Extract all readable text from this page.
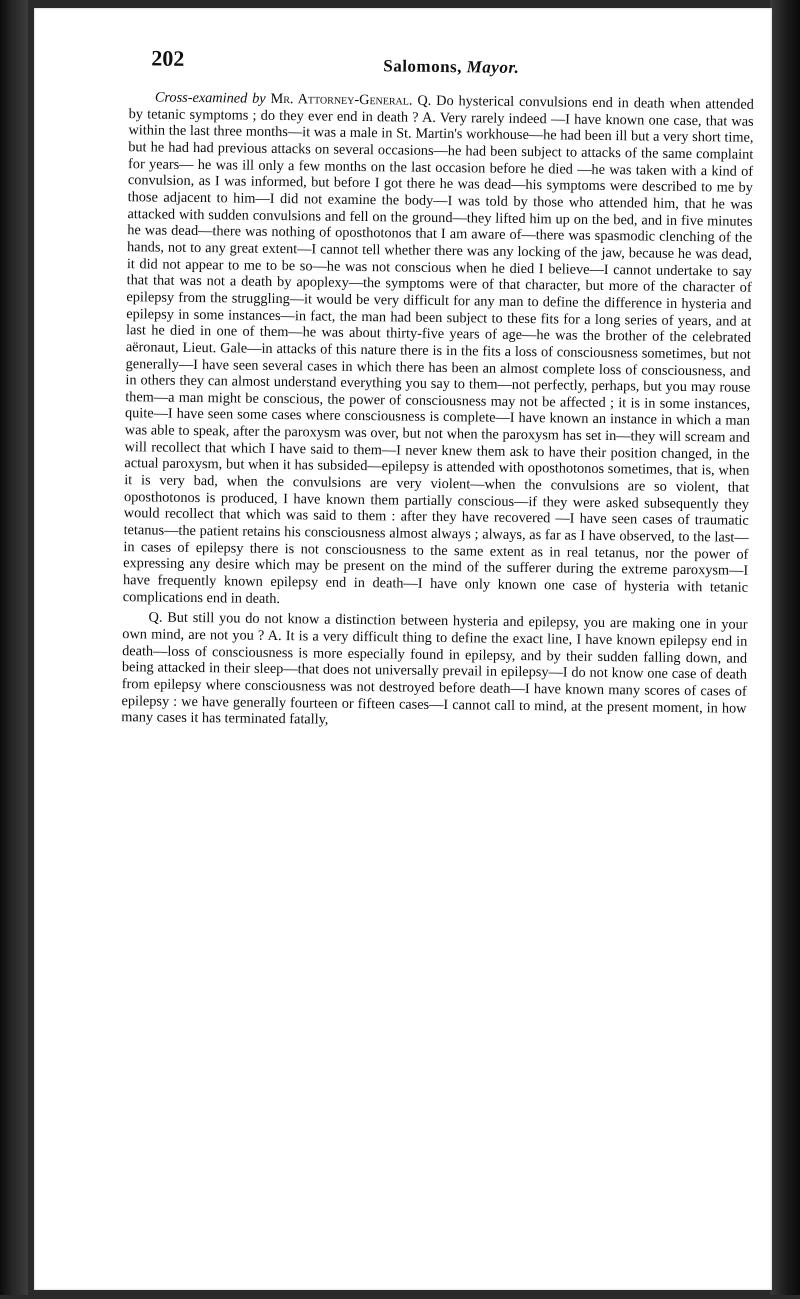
202	Salomons, Mayor.

Cross-examined by Mr. Attorney-General. Q. Do hysterical convulsions end in death when attended by tetanic symptoms ; do they ever end in death ? A. Very rarely indeed —I have known one case, that was within the last three months—it was a male in St. Martin's workhouse—he had been ill but a very short time, but he had had previous attacks on several occasions—he had been subject to attacks of the same complaint for years— he was ill only a few months on the last occasion before he died —he was taken with a kind of convulsion, as I was informed, but before I got there he was dead—his symptoms were described to me by those adjacent to him—I did not examine the body—I was told by those who attended him, that he was attacked with sudden convulsions and fell on the ground—they lifted him up on the bed, and in five minutes he was dead—there was nothing of oposthotonos that I am aware of—there was spasmodic clenching of the hands, not to any great extent—I cannot tell whether there was any locking of the jaw, because he was dead, it did not appear to me to be so—he was not conscious when he died I believe—I cannot undertake to say that that was not a death by apoplexy—the symptoms were of that character, but more of the character of epilepsy from the struggling—it would be very difficult for any man to define the difference in hysteria and epilepsy in some instances—in fact, the man had been subject to these fits for a long series of years, and at last he died in one of them—he was about thirty-five years of age—he was the brother of the celebrated aëronaut, Lieut. Gale—in attacks of this nature there is in the fits a loss of consciousness sometimes, but not generally—I have seen several cases in which there has been an almost complete loss of consciousness, and in others they can almost understand everything you say to them—not perfectly, perhaps, but you may rouse them—a man might be conscious, the power of consciousness may not be affected ; it is in some instances, quite—I have seen some cases where consciousness is complete—I have known an instance in which a man was able to speak, after the paroxysm was over, but not when the paroxysm has set in—they will scream and will recollect that which I have said to them—I never knew them ask to have their position changed, in the actual paroxysm, but when it has subsided—epilepsy is attended with oposthotonos sometimes, that is, when it is very bad, when the convulsions are very violent—when the convulsions are so violent, that oposthotonos is produced, I have known them partially conscious—if they were asked subsequently they would recollect that which was said to them : after they have recovered —I have seen cases of traumatic tetanus—the patient retains his consciousness almost always ; always, as far as I have observed, to the last—in cases of epilepsy there is not consciousness to the same extent as in real tetanus, nor the power of expressing any desire which may be present on the mind of the sufferer during the extreme paroxysm—I have frequently known epilepsy end in death—I have only known one case of hysteria with tetanic complications end in death.

Q. But still you do not know a distinction between hysteria and epilepsy, you are making one in your own mind, are not you ? A. It is a very difficult thing to define the exact line, I have known epilepsy end in death—loss of consciousness is more especially found in epilepsy, and by their sudden falling down, and being attacked in their sleep—that does not universally prevail in epilepsy—I do not know one case of death from epilepsy where consciousness was not destroyed before death—I have known many scores of cases of epilepsy : we have generally fourteen or fifteen cases—I cannot call to mind, at the present moment, in how many cases it has terminated fatally,
